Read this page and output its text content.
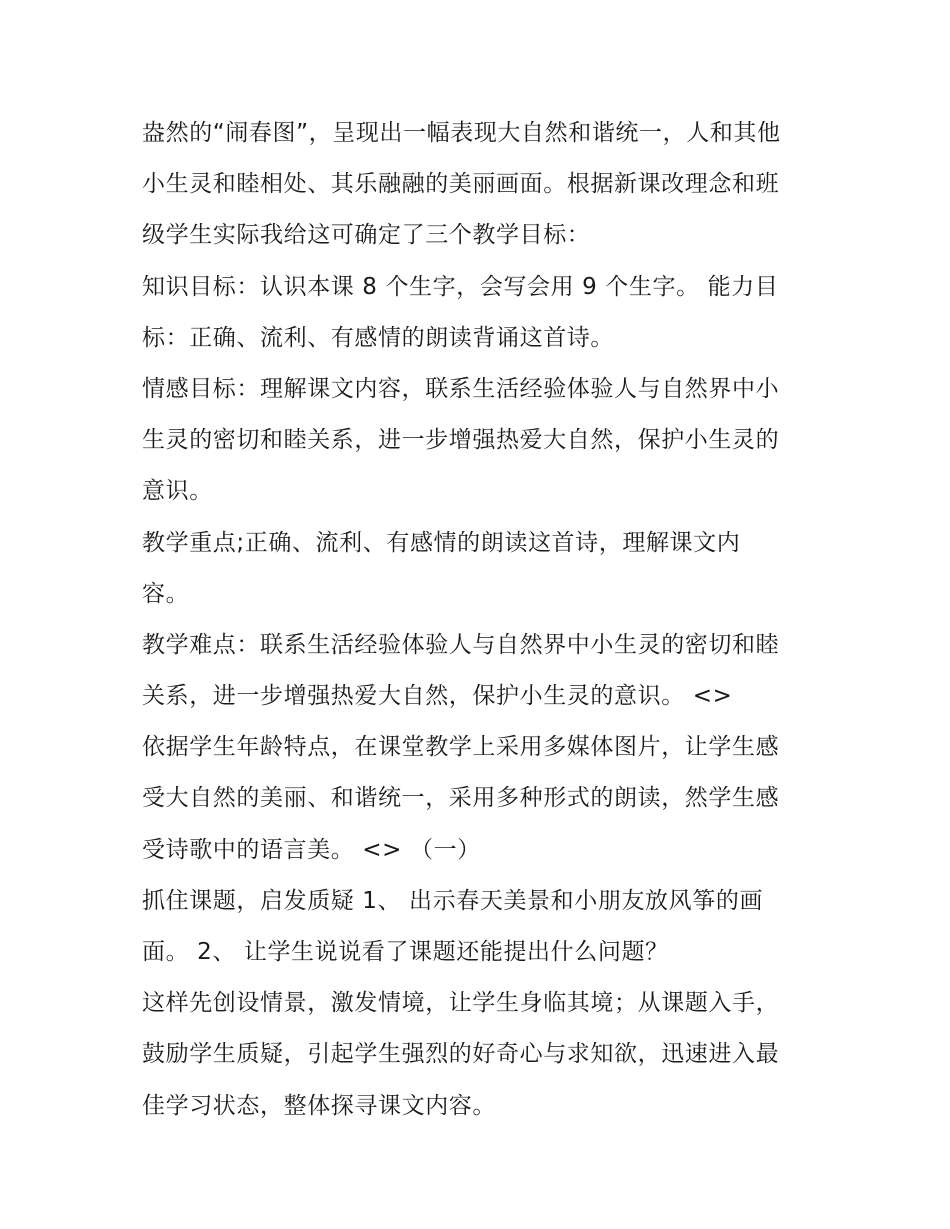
盎然的“闹春图”，呈现出一幅表现大自然和谐统一，人和其他
小生灵和睦相处、其乐融融的美丽画面。根据新课改理念和班
级学生实际我给这可确定了三个教学目标：
知识目标：认识本课 8 个生字，会写会用 9 个生字。 能力目
标：正确、流利、有感情的朗读背诵这首诗。
情感目标：理解课文内容，联系生活经验体验人与自然界中小
生灵的密切和睦关系，进一步增强热爱大自然，保护小生灵的
意识。
教学重点;正确、流利、有感情的朗读这首诗，理解课文内
容。
教学难点：联系生活经验体验人与自然界中小生灵的密切和睦
关系，进一步增强热爱大自然，保护小生灵的意识。 <>
依据学生年龄特点，在课堂教学上采用多媒体图片，让学生感
受大自然的美丽、和谐统一，采用多种形式的朗读，然学生感
受诗歌中的语言美。 <> （一）
抓住课题，启发质疑 1、 出示春天美景和小朋友放风筝的画
面。 2、 让学生说说看了课题还能提出什么问题？
这样先创设情景，激发情境，让学生身临其境；从课题入手，
鼓励学生质疑，引起学生强烈的好奇心与求知欲，迅速进入最
佳学习状态，整体探寻课文内容。
